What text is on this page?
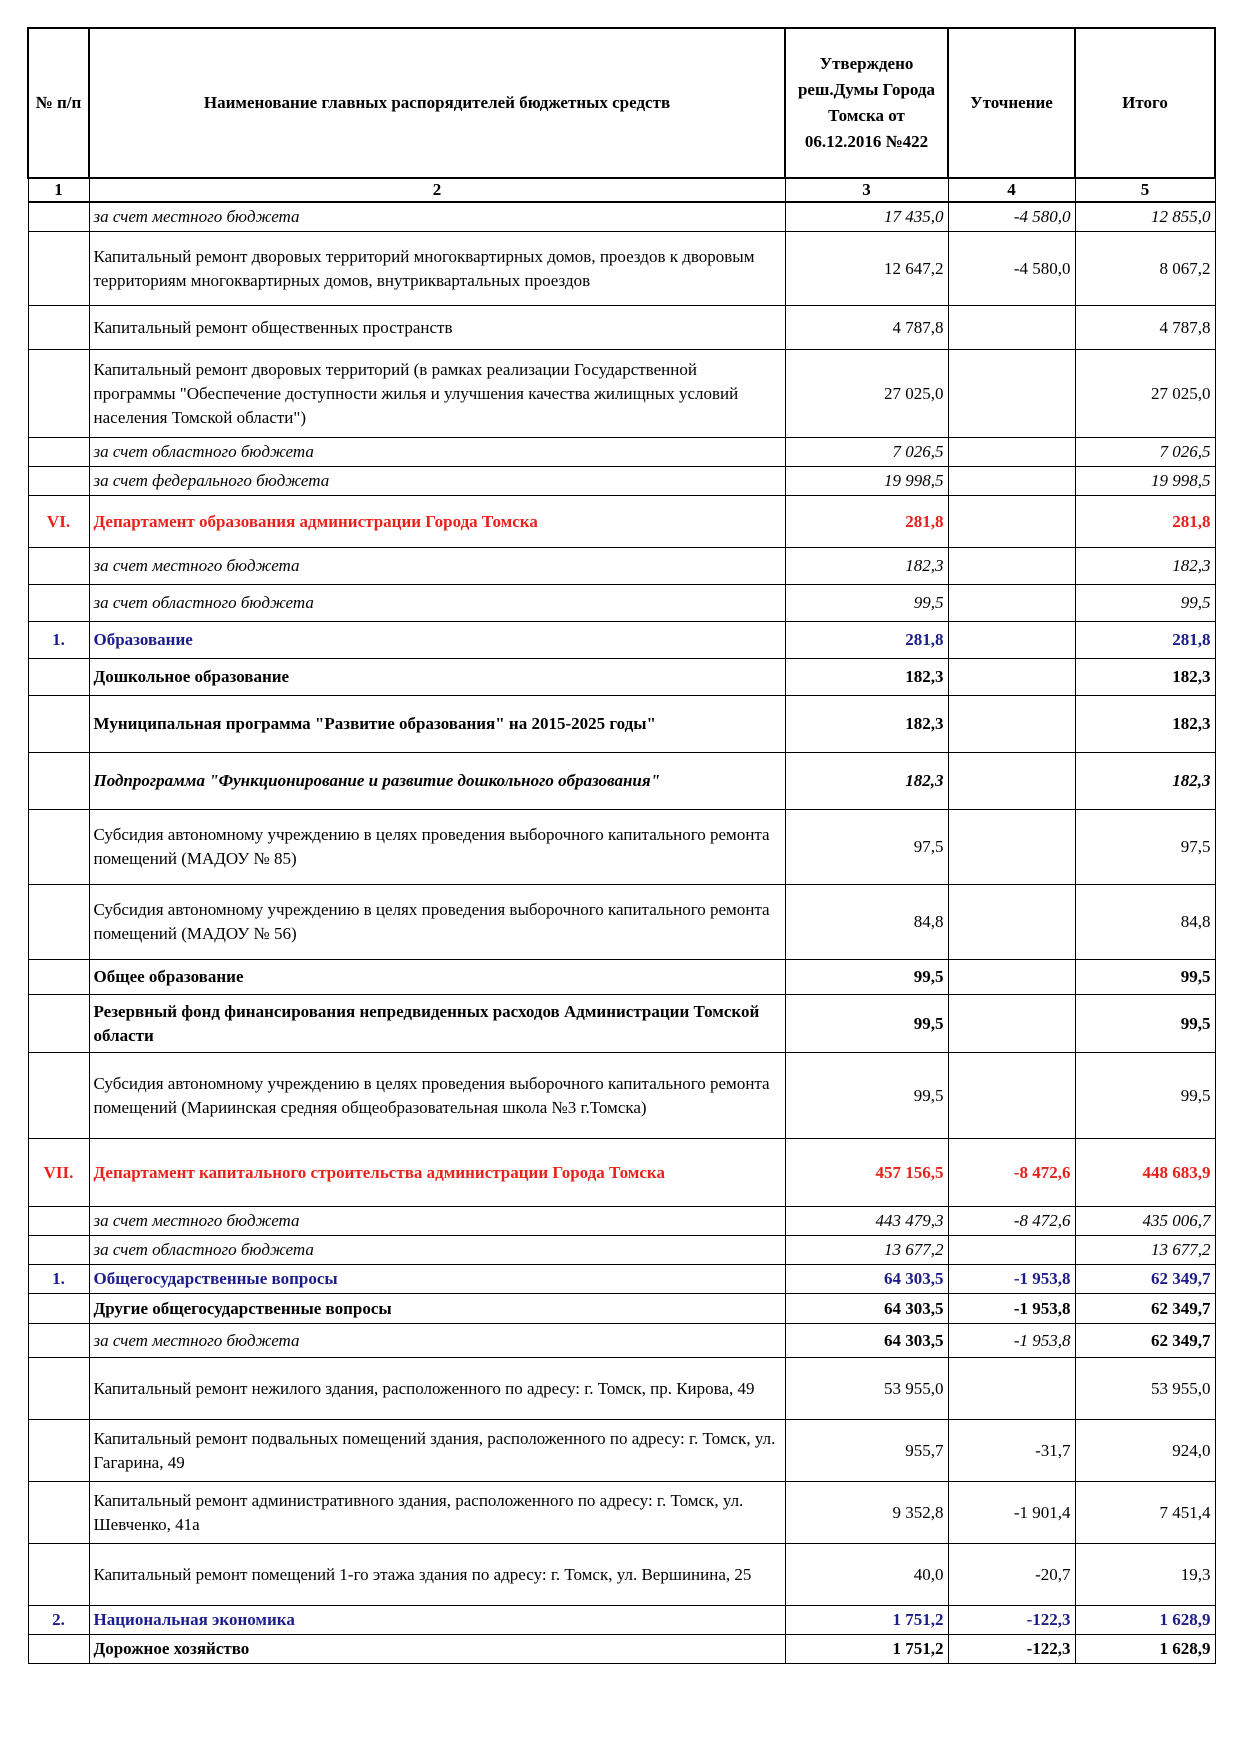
№ п/п	Наименование главных распорядителей бюджетных средств	Утверждено реш.Думы Города Томска от 06.12.2016 №422	Уточнение	Итого
1	2	3	4	5
	за счет местного бюджета	17 435,0	-4 580,0	12 855,0
	Капитальный ремонт дворовых территорий многоквартирных домов, проездов к дворовым территориям многоквартирных домов, внутриквартальных проездов	12 647,2	-4 580,0	8 067,2
	Капитальный ремонт общественных пространств	4 787,8		4 787,8
	Капитальный ремонт дворовых территорий (в рамках реализации Государственной программы "Обеспечение доступности жилья и улучшения качества жилищных условий населения Томской области")	27 025,0		27 025,0
	за счет областного бюджета	7 026,5		7 026,5
	за счет федерального бюджета	19 998,5		19 998,5
VI.	Департамент образования администрации Города Томска	281,8		281,8
	за счет местного бюджета	182,3		182,3
	за счет областного бюджета	99,5		99,5
1.	Образование	281,8		281,8
	Дошкольное образование	182,3		182,3
	Муниципальная программа "Развитие образования" на 2015-2025 годы"	182,3		182,3
	Подпрограмма "Функционирование и развитие дошкольного образования"	182,3		182,3
	Субсидия автономному учреждению в целях проведения выборочного капитального ремонта помещений (МАДОУ № 85)	97,5		97,5
	Субсидия автономному учреждению в целях проведения выборочного капитального ремонта помещений (МАДОУ № 56)	84,8		84,8
	Общее образование	99,5		99,5
	Резервный фонд финансирования непредвиденных расходов Администрации Томской области	99,5		99,5
	Субсидия автономному учреждению в целях проведения выборочного капитального ремонта помещений (Мариинская средняя общеобразовательная школа №3 г.Томска)	99,5		99,5
VII.	Департамент капитального строительства администрации Города Томска	457 156,5	-8 472,6	448 683,9
	за счет местного бюджета	443 479,3	-8 472,6	435 006,7
	за счет областного бюджета	13 677,2		13 677,2
1.	Общегосударственные вопросы	64 303,5	-1 953,8	62 349,7
	Другие общегосударственные вопросы	64 303,5	-1 953,8	62 349,7
	за счет местного бюджета	64 303,5	-1 953,8	62 349,7
	Капитальный ремонт нежилого здания, расположенного по адресу: г. Томск, пр. Кирова, 49	53 955,0		53 955,0
	Капитальный ремонт подвальных помещений здания, расположенного по адресу: г. Томск, ул. Гагарина, 49	955,7	-31,7	924,0
	Капитальный ремонт административного здания, расположенного по адресу: г. Томск, ул. Шевченко, 41а	9 352,8	-1 901,4	7 451,4
	Капитальный ремонт помещений 1-го этажа здания по адресу: г. Томск, ул. Вершинина, 25	40,0	-20,7	19,3
2.	Национальная экономика	1 751,2	-122,3	1 628,9
	Дорожное хозяйство	1 751,2	-122,3	1 628,9
